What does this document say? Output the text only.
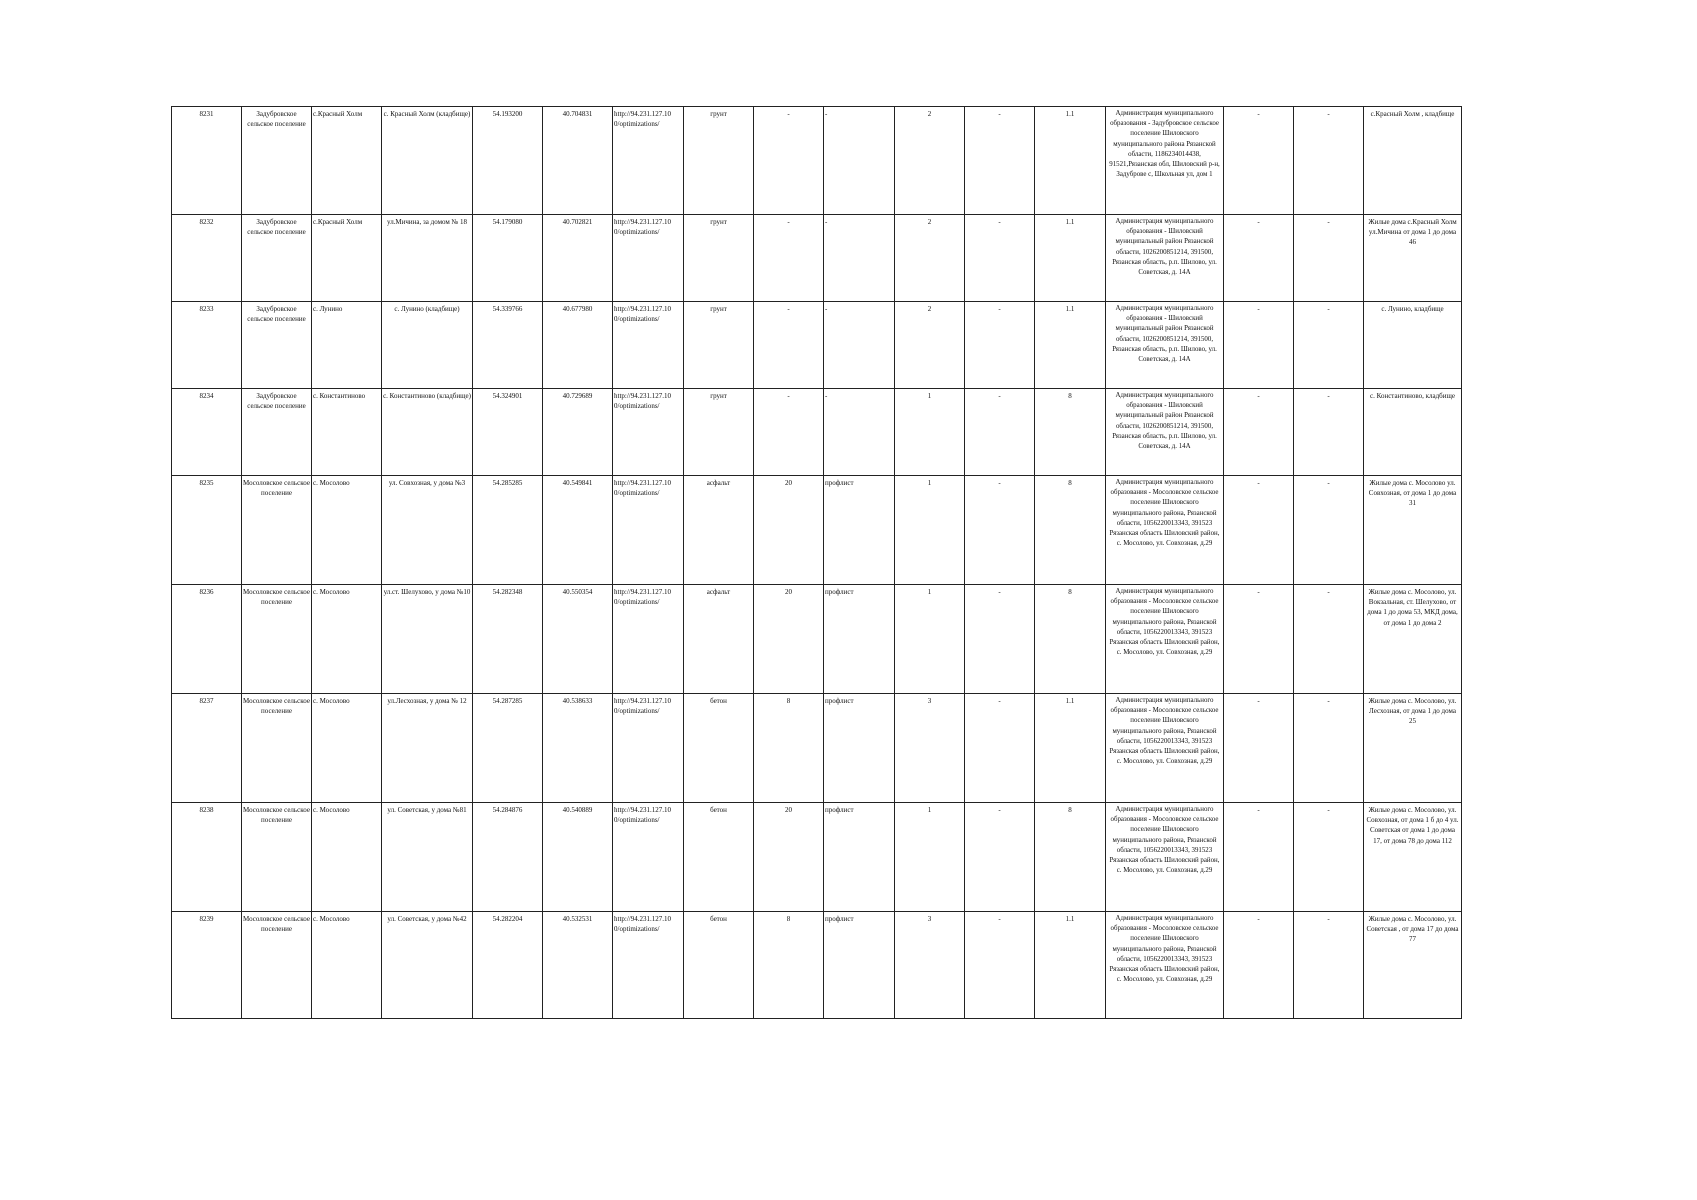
8231	Задубровское сельское поселение	с.Красный Холм	с. Красный Холм (кладбище)	54.193200	40.704831	http://94.231.127.10 0/optimizations/	грунт	-	-	2	-	1.1	Администрация муниципального образования - Задубровское сельское поселение Шиловского муниципального района Рязанской области, 1186234014438, 91521,Рязанская обл, Шиловский р-н, Задуброве с, Школьная ул, дом 1	-	-	с.Красный Холм , кладбище
8232	Задубровское сельское поселение	с.Красный Холм	ул.Мичина, за домом № 18	54.179080	40.702821	http://94.231.127.10 0/optimizations/	грунт	-	-	2	-	1.1	Администрация муниципального образования - Шиловский муниципальный район Рязанской области, 1026200851214, 391500, Рязанская область, р.п. Шилово, ул. Советская, д. 14А	-	-	Жилые дома с.Красный Холм ул.Мичина от дома 1 до дома 46
8233	Задубровское сельское поселение	с. Лунино	с. Лунино (кладбище)	54.339766	40.677980	http://94.231.127.10 0/optimizations/	грунт	-	-	2	-	1.1	Администрация муниципального образования - Шиловский муниципальный район Рязанской области, 1026200851214, 391500, Рязанская область, р.п. Шилово, ул. Советская, д. 14А	-	-	с. Лунино, кладбище
8234	Задубровское сельское поселение	с. Константиново	с. Константиново (кладбище)	54.324901	40.729689	http://94.231.127.10 0/optimizations/	грунт	-	-	1	-	8	Администрация муниципального образования - Шиловский муниципальный район Рязанской области, 1026200851214, 391500, Рязанская область, р.п. Шилово, ул. Советская, д. 14А	-	-	с. Константиново, кладбище
8235	Мосоловское сельское поселение	с. Мосолово	ул. Совхозная, у дома №3	54.285285	40.549841	http://94.231.127.10 0/optimizations/	асфальт	20	профлист	1	-	8	Администрация муниципального образования - Мосоловское сельское поселение Шиловского муниципального района, Рязанской области, 1056220013343, 391523 Рязанская область Шиловский район, с. Мосолово, ул. Совхозная, д.29	-	-	Жилые дома с. Мосолово ул. Совхозная, от дома 1 до дома 31
8236	Мосоловское сельское поселение	с. Мосолово	ул.ст. Шелухово, у дома №10	54.282348	40.550354	http://94.231.127.10 0/optimizations/	асфальт	20	профлист	1	-	8	Администрация муниципального образования - Мосоловское сельское поселение Шиловского муниципального района, Рязанской области, 1056220013343, 391523 Рязанская область Шиловский район, с. Мосолово, ул. Совхозная, д.29	-	-	Жилые дома с. Мосолово, ул. Вокзальная, ст. Шелухово, от дома 1 до дома 53, МКД дома, от дома 1 до дома 2
8237	Мосоловское сельское поселение	с. Мосолово	ул.Лесхозная, у дома № 12	54.287285	40.538633	http://94.231.127.10 0/optimizations/	бетон	8	профлист	3	-	1.1	Администрация муниципального образования - Мосоловское сельское поселение Шиловского муниципального района, Рязанской области, 1056220013343, 391523 Рязанская область Шиловский район, с. Мосолово, ул. Совхозная, д.29	-	-	Жилые дома с. Мосолово, ул. Лесхозная, от дома 1 до дома 25
8238	Мосоловское сельское поселение	с. Мосолово	ул. Советская, у дома №81	54.284876	40.540889	http://94.231.127.10 0/optimizations/	бетон	20	профлист	1	-	8	Администрация муниципального образования - Мосоловское сельское поселение Шиловского муниципального района, Рязанской области, 1056220013343, 391523 Рязанская область Шиловский район, с. Мосолово, ул. Совхозная, д.29	-	-	Жилые дома с. Мосолово, ул. Совхозная, от дома 1 б до 4 ул. Советская от дома 1 до дома 17, от дома 78 до дома 112
8239	Мосоловское сельское поселение	с. Мосолово	ул. Советская, у дома №42	54.282204	40.532531	http://94.231.127.10 0/optimizations/	бетон	8	профлист	3	-	1.1	Администрация муниципального образования - Мосоловское сельское поселение Шиловского муниципального района, Рязанской области, 1056220013343, 391523 Рязанская область Шиловский район, с. Мосолово, ул. Совхозная, д.29	-	-	Жилые дома с. Мосолово, ул. Советская , от дома 17 до дома 77
